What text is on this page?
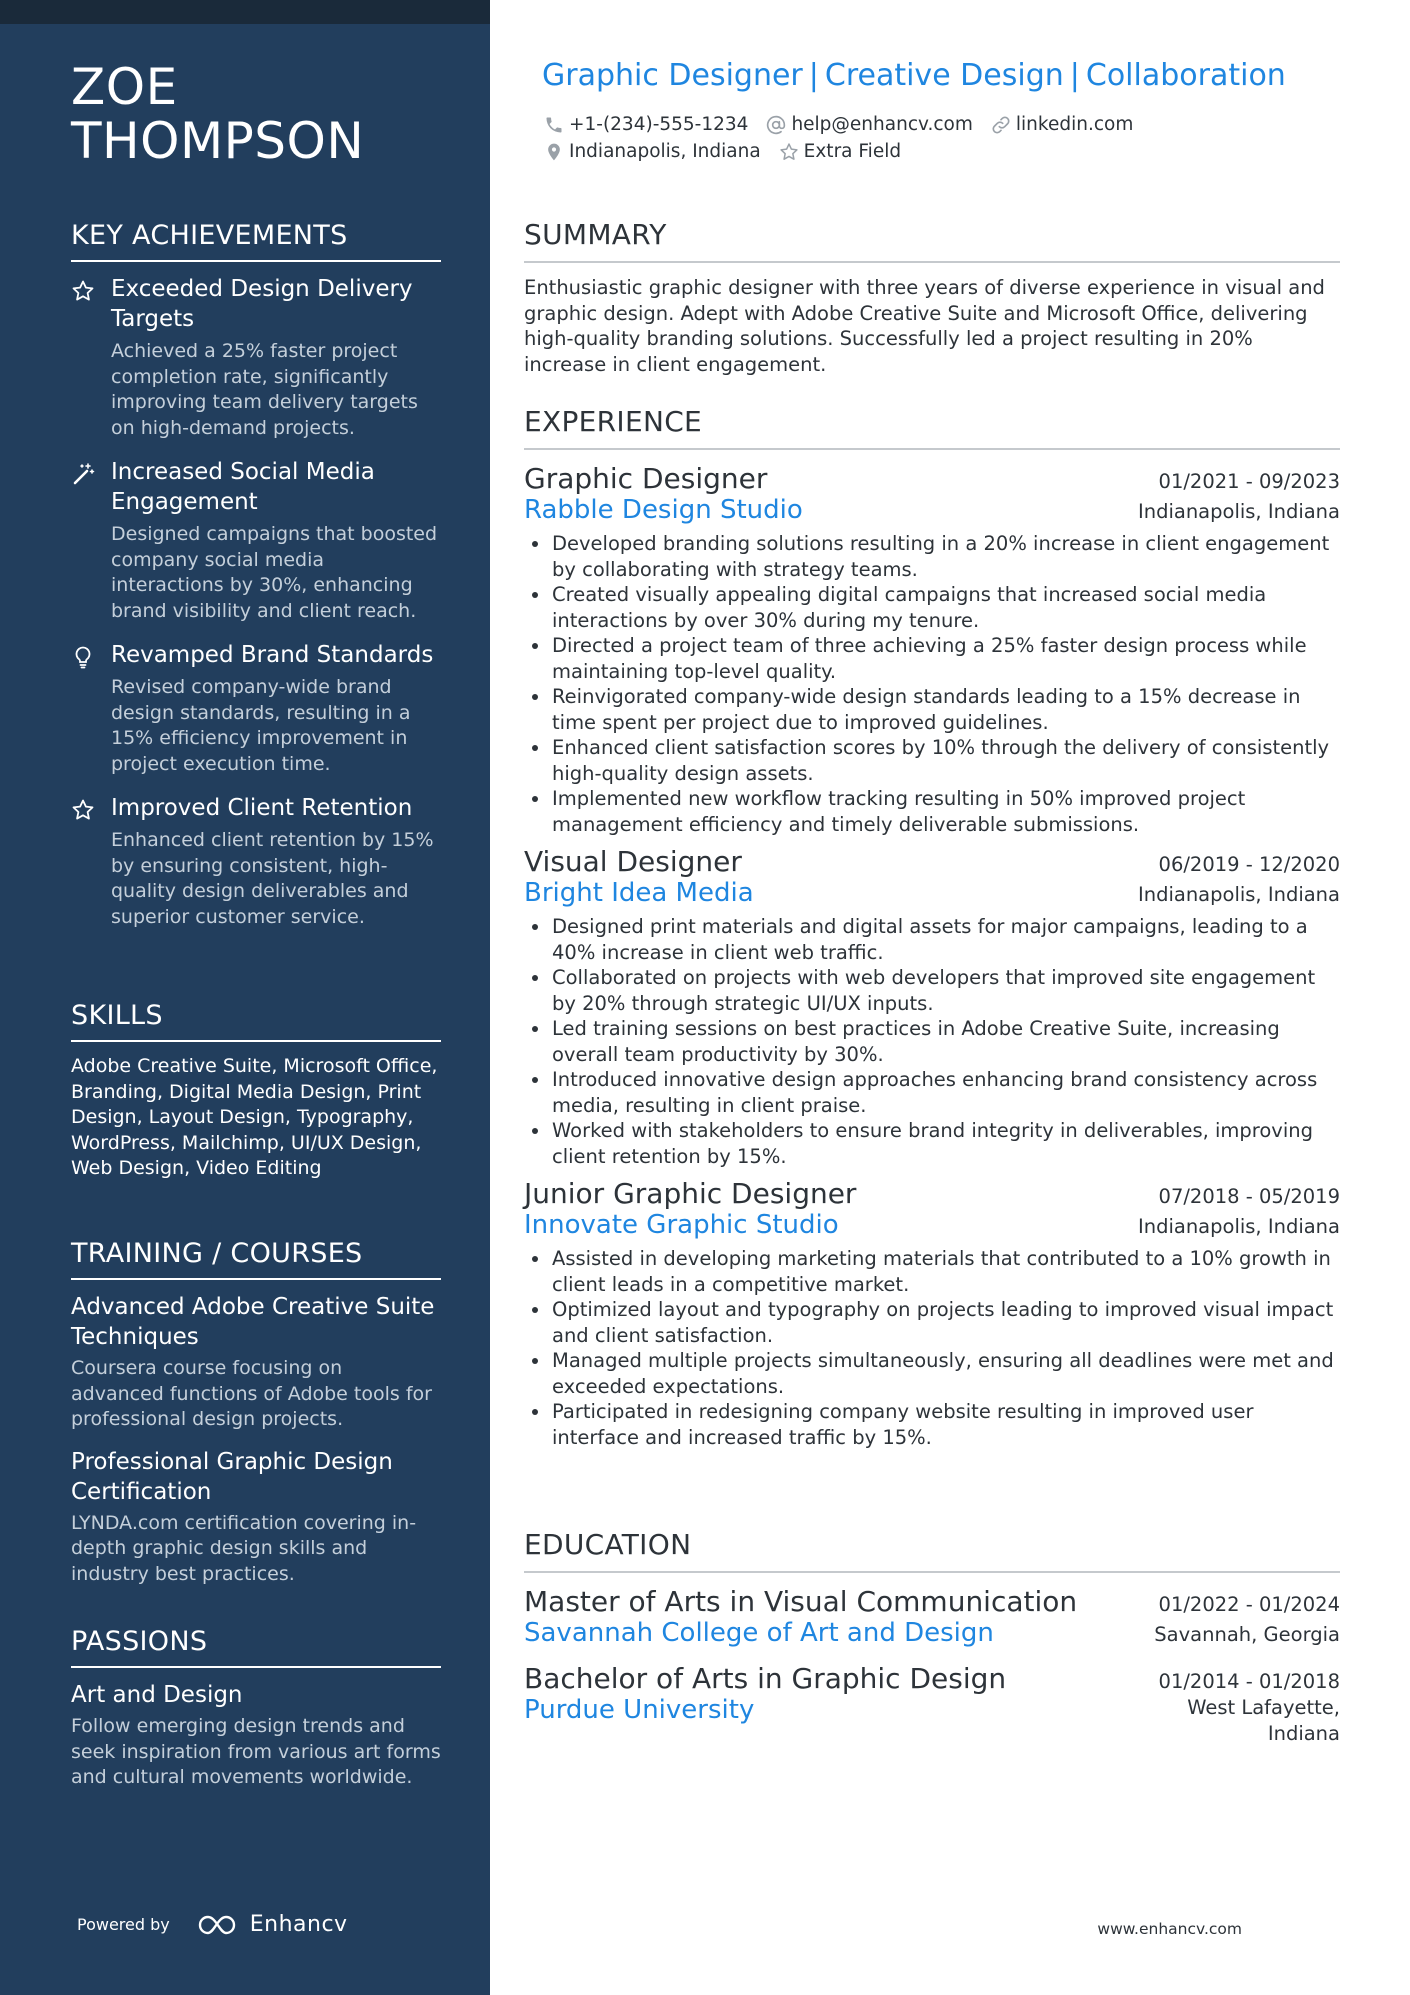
ZOE
THOMPSON
KEY ACHIEVEMENTS
Exceeded Design Delivery Targets
Achieved a 25% faster project completion rate, significantly improving team delivery targets on high-demand projects.
Increased Social Media Engagement
Designed campaigns that boosted company social media interactions by 30%, enhancing brand visibility and client reach.
Revamped Brand Standards
Revised company-wide brand design standards, resulting in a 15% efficiency improvement in project execution time.
Improved Client Retention
Enhanced client retention by 15% by ensuring consistent, high-quality design deliverables and superior customer service.
SKILLS
Adobe Creative Suite, Microsoft Office, Branding, Digital Media Design, Print Design, Layout Design, Typography, WordPress, Mailchimp, UI/UX Design, Web Design, Video Editing
TRAINING / COURSES
Advanced Adobe Creative Suite Techniques
Coursera course focusing on advanced functions of Adobe tools for professional design projects.
Professional Graphic Design Certification
LYNDA.com certification covering in-depth graphic design skills and industry best practices.
PASSIONS
Art and Design
Follow emerging design trends and seek inspiration from various art forms and cultural movements worldwide.
Powered by	Enhancv
Graphic Designer | Creative Design | Collaboration
+1-(234)-555-1234 help@enhancv.com linkedin.com
Indianapolis, Indiana Extra Field
SUMMARY
Enthusiastic graphic designer with three years of diverse experience in visual and graphic design. Adept with Adobe Creative Suite and Microsoft Office, delivering high-quality branding solutions. Successfully led a project resulting in 20% increase in client engagement.
EXPERIENCE
Graphic Designer	01/2021 - 09/2023
Rabble Design Studio	Indianapolis, Indiana
Developed branding solutions resulting in a 20% increase in client engagement by collaborating with strategy teams.
Created visually appealing digital campaigns that increased social media interactions by over 30% during my tenure.
Directed a project team of three achieving a 25% faster design process while maintaining top-level quality.
Reinvigorated company-wide design standards leading to a 15% decrease in time spent per project due to improved guidelines.
Enhanced client satisfaction scores by 10% through the delivery of consistently high-quality design assets.
Implemented new workflow tracking resulting in 50% improved project management efficiency and timely deliverable submissions.
Visual Designer	06/2019 - 12/2020
Bright Idea Media	Indianapolis, Indiana
Designed print materials and digital assets for major campaigns, leading to a 40% increase in client web traffic.
Collaborated on projects with web developers that improved site engagement by 20% through strategic UI/UX inputs.
Led training sessions on best practices in Adobe Creative Suite, increasing overall team productivity by 30%.
Introduced innovative design approaches enhancing brand consistency across media, resulting in client praise.
Worked with stakeholders to ensure brand integrity in deliverables, improving client retention by 15%.
Junior Graphic Designer	07/2018 - 05/2019
Innovate Graphic Studio	Indianapolis, Indiana
Assisted in developing marketing materials that contributed to a 10% growth in client leads in a competitive market.
Optimized layout and typography on projects leading to improved visual impact and client satisfaction.
Managed multiple projects simultaneously, ensuring all deadlines were met and exceeded expectations.
Participated in redesigning company website resulting in improved user interface and increased traffic by 15%.
EDUCATION
Master of Arts in Visual Communication	01/2022 - 01/2024
Savannah College of Art and Design	Savannah, Georgia
Bachelor of Arts in Graphic Design	01/2014 - 01/2018
Purdue University	West Lafayette, Indiana
www.enhancv.com
